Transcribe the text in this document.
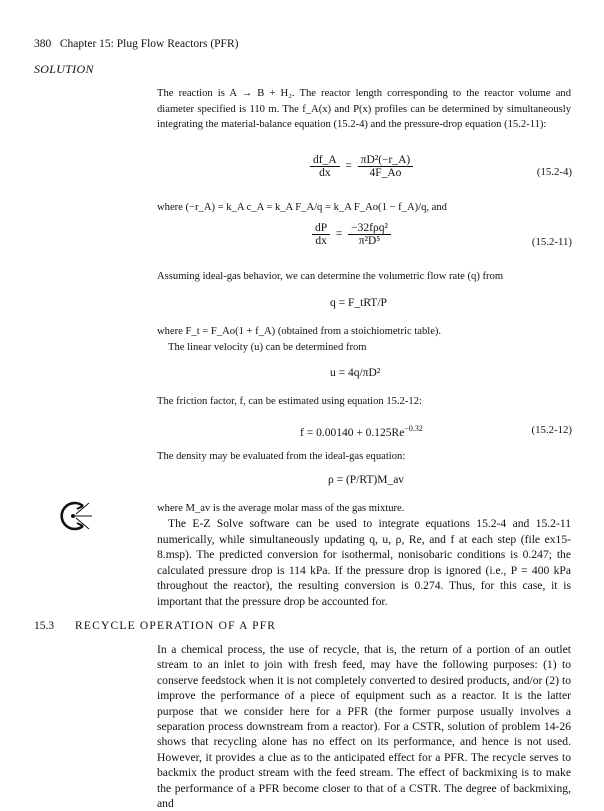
380 Chapter 15: Plug Flow Reactors (PFR)
SOLUTION
The reaction is A → B + H₂. The reactor length corresponding to the reactor volume and diameter specified is 110 m. The f_A(x) and P(x) profiles can be determined by simultaneously integrating the material-balance equation (15.2-4) and the pressure-drop equation (15.2-11):
$\frac{df\_A}{dx} = \frac{\text{πD²(−r\_A)}}{4F\_Ao}$	(15.2-4)
where (−r_A) = k_A c_A = k_A F_A/q = k_A F_Ao(1 − f_A)/q, and
$\frac{dP}{dx} = \frac{\text{−32fρq²}}{\text{π²D⁵}}$	(15.2-11)
Assuming ideal-gas behavior, we can determine the volumetric flow rate (q) from
q = F_tRT/P
where F_t = F_Ao(1 + f_A) (obtained from a stoichiometric table).
The linear velocity (u) can be determined from
u = 4q/πD²
The friction factor, f, can be estimated using equation 15.2-12:
$f = 0.00140 + 0.125Re^{-0.32}$	(15.2-12)
The density may be evaluated from the ideal-gas equation:
ρ = (P/RT)M_av
where M_av is the average molar mass of the gas mixture.
The E-Z Solve software can be used to integrate equations 15.2-4 and 15.2-11 numerically, while simultaneously updating q, u, ρ, Re, and f at each step (file ex15-8.msp). The predicted conversion for isothermal, nonisobaric conditions is 0.247; the calculated pressure drop is 114 kPa. If the pressure drop is ignored (i.e., P = 400 kPa throughout the reactor), the resulting conversion is 0.274. Thus, for this case, it is important that the pressure drop be accounted for.
15.3 RECYCLE OPERATION OF A PFR
In a chemical process, the use of recycle, that is, the return of a portion of an outlet stream to an inlet to join with fresh feed, may have the following purposes: (1) to conserve feedstock when it is not completely converted to desired products, and/or (2) to improve the performance of a piece of equipment such as a reactor. It is the latter purpose that we consider here for a PFR (the former purpose usually involves a separation process downstream from a reactor). For a CSTR, solution of problem 14-26 shows that recycling alone has no effect on its performance, and hence is not used. However, it provides a clue as to the anticipated effect for a PFR. The recycle serves to backmix the product stream with the feed stream. The effect of backmixing is to make the performance of a PFR become closer to that of a CSTR. The degree of backmixing, and
